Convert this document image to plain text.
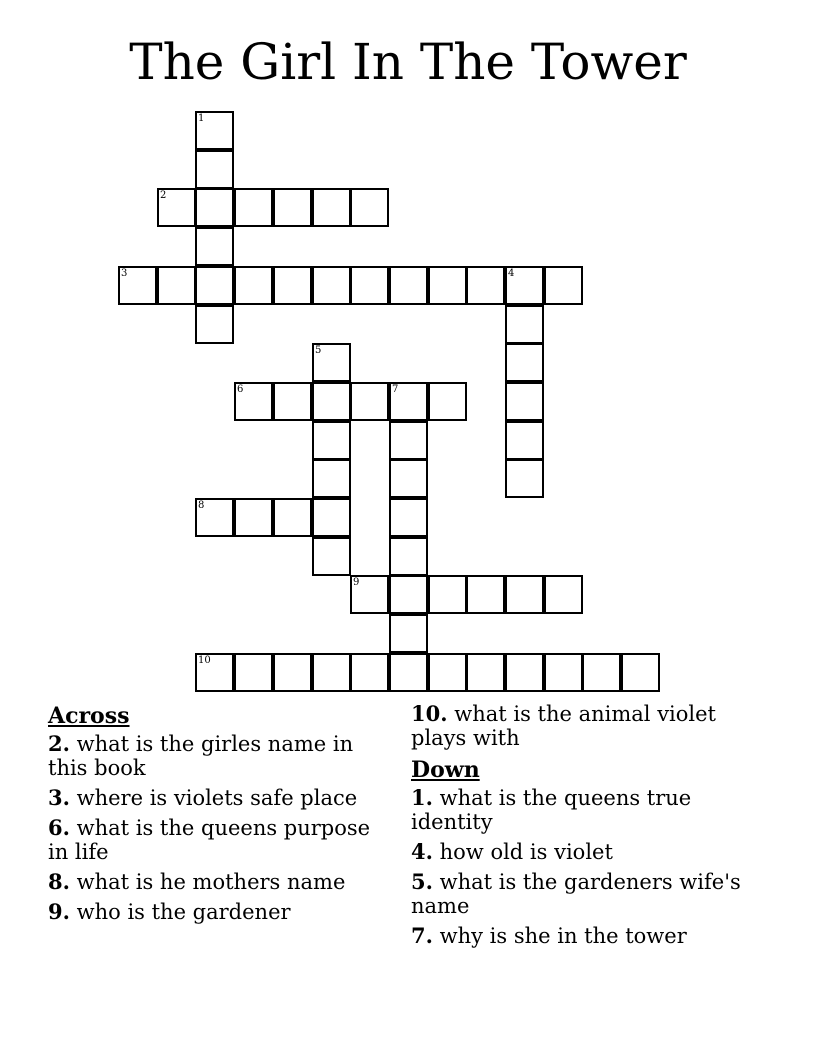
The Girl In The Tower
1
2
3	4
5
6	7
8
9
10
Across
2. what is the girles name in this book
3. where is violets safe place
6. what is the queens purpose in life
8. what is he mothers name
9. who is the gardener
10. what is the animal violet plays with
Down
1. what is the queens true identity
4. how old is violet
5. what is the gardeners wife's name
7. why is she in the tower
